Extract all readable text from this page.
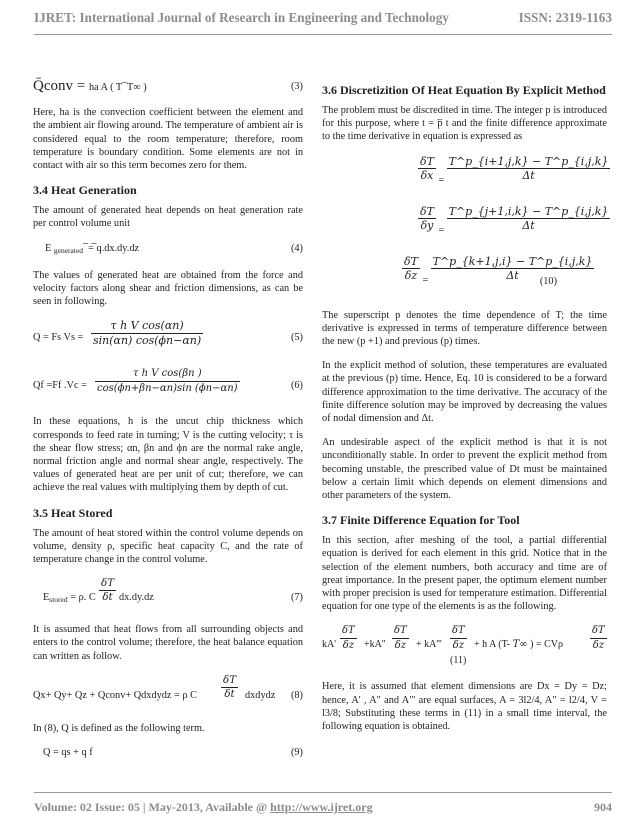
IJRET: International Journal of Research in Engineering and Technology	ISSN: 2319-1163
Q̄conv = ha A ( T ̅ T∞ )	(3)

Here, ha is the convection coefficient between the element and the ambient air flowing around. The temperature of ambient air is considered equal to the room temperature; therefore, room temperature is boundary condition. Some elements are not in contact with air so this term becomes zero for them.

3.4 Heat Generation

The amount of generated heat depends on heat generation rate per control volume unit

E $_{generated}$ ̅ =̅ q.dx.dy.dz	(4)

The values of generated heat are obtained from the force and velocity factors along shear and friction dimensions, as can be seen in following.

Q = Fs $Vs = \frac{\text{τ h V cos(αn)}}{\sin(\alpha n) \cos(\phi n-\alpha n)}$	(5)
Qf =Ff $.Vc = \frac{\text{τ h V cos(βn )}}{\cos(\phi n+\beta n-\alpha n)\sin (\phi n-\alpha n)}$	(6)

In these equations, h is the uncut chip thickness which corresponds to feed rate in turning; V is the cutting velocity; τ is the shear flow stress; αn, βn and ϕn are the normal rake angle, normal friction angle and normal shear angle, respectively. The values of generated heat are per unit of cut; therefore, we can achieve the real values with multiplying them by depth of cut.

3.5 Heat Stored

The amount of heat stored within the control volume depends on volume, density ρ, specific heat capacity C, and the rate of temperature change in the control volume.

$E_{stored} = \rho$. C $\frac{\delta T}{\delta t} dx.dy.dz$	(7)

It is assumed that heat flows from all surrounding objects and enters to the control volume; therefore, the heat balance equation can written as follow.

Qx+ Qy+ Qz + Qconv+ Qdxdydz = ρ C $\frac{\delta T}{\delta t}$ dxdydz (8)

In (8), Q is defined as the following term.

Q = qs + q f	(9)
3.6 Discretizition Of Heat Equation By Explicit Method

The problem must be discredited in time. The integer p is introduced for this purpose, where t = p̅ t and the finite difference approximate to the time derivative in equation is expressed as

$\frac{\delta T}{\delta x} = \frac{T\^{}p\_\{i+1,j,k\} - T\^{}p\_\{i,j,k\}}{\Delta t}$
$\frac{\delta T}{\delta y} = \frac{T\^{}p\_\{j+1,i,k\} - T\^{}p\_\{i,j,k\}}{\Delta t}$
$\frac{\delta T}{\delta z} = \frac{T\^{}p\_\{k+1,j,i\} - T\^{}p\_\{i,j,k\}}{\Delta t}$
(10)

The superscript p denotes the time dependence of T; the time derivative is expressed in terms of temperature difference between the new (p +1) and previous (p) times.

In the explicit method of solution, these temperatures are evaluated at the previous (p) time. Hence, Eq. 10 is considered to be a forward difference approximation to the time derivative. The accuracy of the finite difference solution may be improved by decreasing the values of nodal dimension and Δt.

An undesirable aspect of the explicit method is that it is not unconditionally stable. In order to prevent the explicit method from becoming unstable, the prescribed value of Dt must be maintained below a certain limit which depends on element dimensions and other parameters of the system.

3.7 Finite Difference Equation for Tool

In this section, after meshing of the tool, a partial differential equation is derived for each element in this grid. Notice that in the selection of the element numbers, both accuracy and time are of great importance. In the present paper, the optimum element number with proper precision is used for temperature estimation. Differential equation for one type of the elements is as the following.

$kA' \frac{\delta T}{\delta z} +kA'' \frac{\delta T}{\delta z} + kA''' \frac{\delta T}{\delta z} + h$ A (T- T∞ ) = CVρ	$\frac{\delta T}{\delta z}$
(11)

Here, it is assumed that element dimensions are Dx = Dy = Dz; hence, A' , A" and A"' are equal surfaces, A = 3l2/4, A" = l2/4, V = l3/8; Substituting these terms in (11) in a small time interval, the following equation is obtained.

Volume: 02 Issue: 05 | May-2013, Available @ http://www.ijret.org	904
